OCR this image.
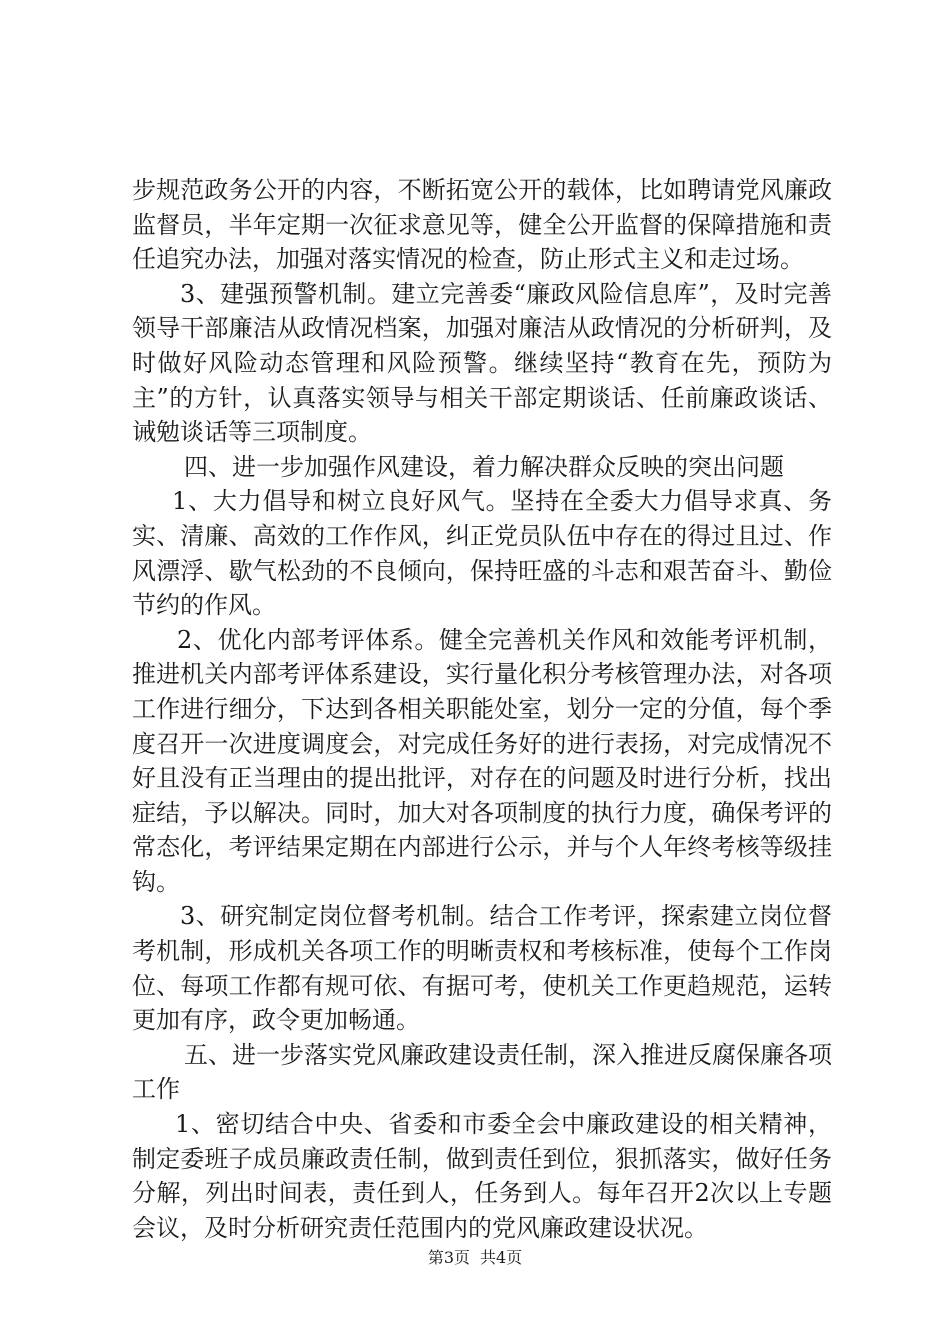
步规范政务公开的内容，不断拓宽公开的载体，比如聘请党风廉政监督员，半年定期一次征求意见等，健全公开监督的保障措施和责任追究办法，加强对落实情况的检查，防止形式主义和走过场。

3、建强预警机制。建立完善委“廉政风险信息库”，及时完善领导干部廉洁从政情况档案，加强对廉洁从政情况的分析研判，及时做好风险动态管理和风险预警。继续坚持“教育在先，预防为主”的方针，认真落实领导与相关干部定期谈话、任前廉政谈话、诫勉谈话等三项制度。

四、进一步加强作风建设，着力解决群众反映的突出问题

1、大力倡导和树立良好风气。坚持在全委大力倡导求真、务实、清廉、高效的工作作风，纠正党员队伍中存在的得过且过、作风漂浮、歇气松劲的不良倾向，保持旺盛的斗志和艰苦奋斗、勤俭节约的作风。

2、优化内部考评体系。健全完善机关作风和效能考评机制，推进机关内部考评体系建设，实行量化积分考核管理办法，对各项工作进行细分，下达到各相关职能处室，划分一定的分值，每个季度召开一次进度调度会，对完成任务好的进行表扬，对完成情况不好且没有正当理由的提出批评，对存在的问题及时进行分析，找出症结，予以解决。同时，加大对各项制度的执行力度，确保考评的常态化，考评结果定期在内部进行公示，并与个人年终考核等级挂钩。

3、研究制定岗位督考机制。结合工作考评，探索建立岗位督考机制，形成机关各项工作的明晰责权和考核标准，使每个工作岗位、每项工作都有规可依、有据可考，使机关工作更趋规范，运转更加有序，政令更加畅通。

五、进一步落实党风廉政建设责任制，深入推进反腐保廉各项工作

1、密切结合中央、省委和市委全会中廉政建设的相关精神，制定委班子成员廉政责任制，做到责任到位，狠抓落实，做好任务分解，列出时间表，责任到人，任务到人。每年召开2次以上专题会议，及时分析研究责任范围内的党风廉政建设状况。

第3页 共4页
